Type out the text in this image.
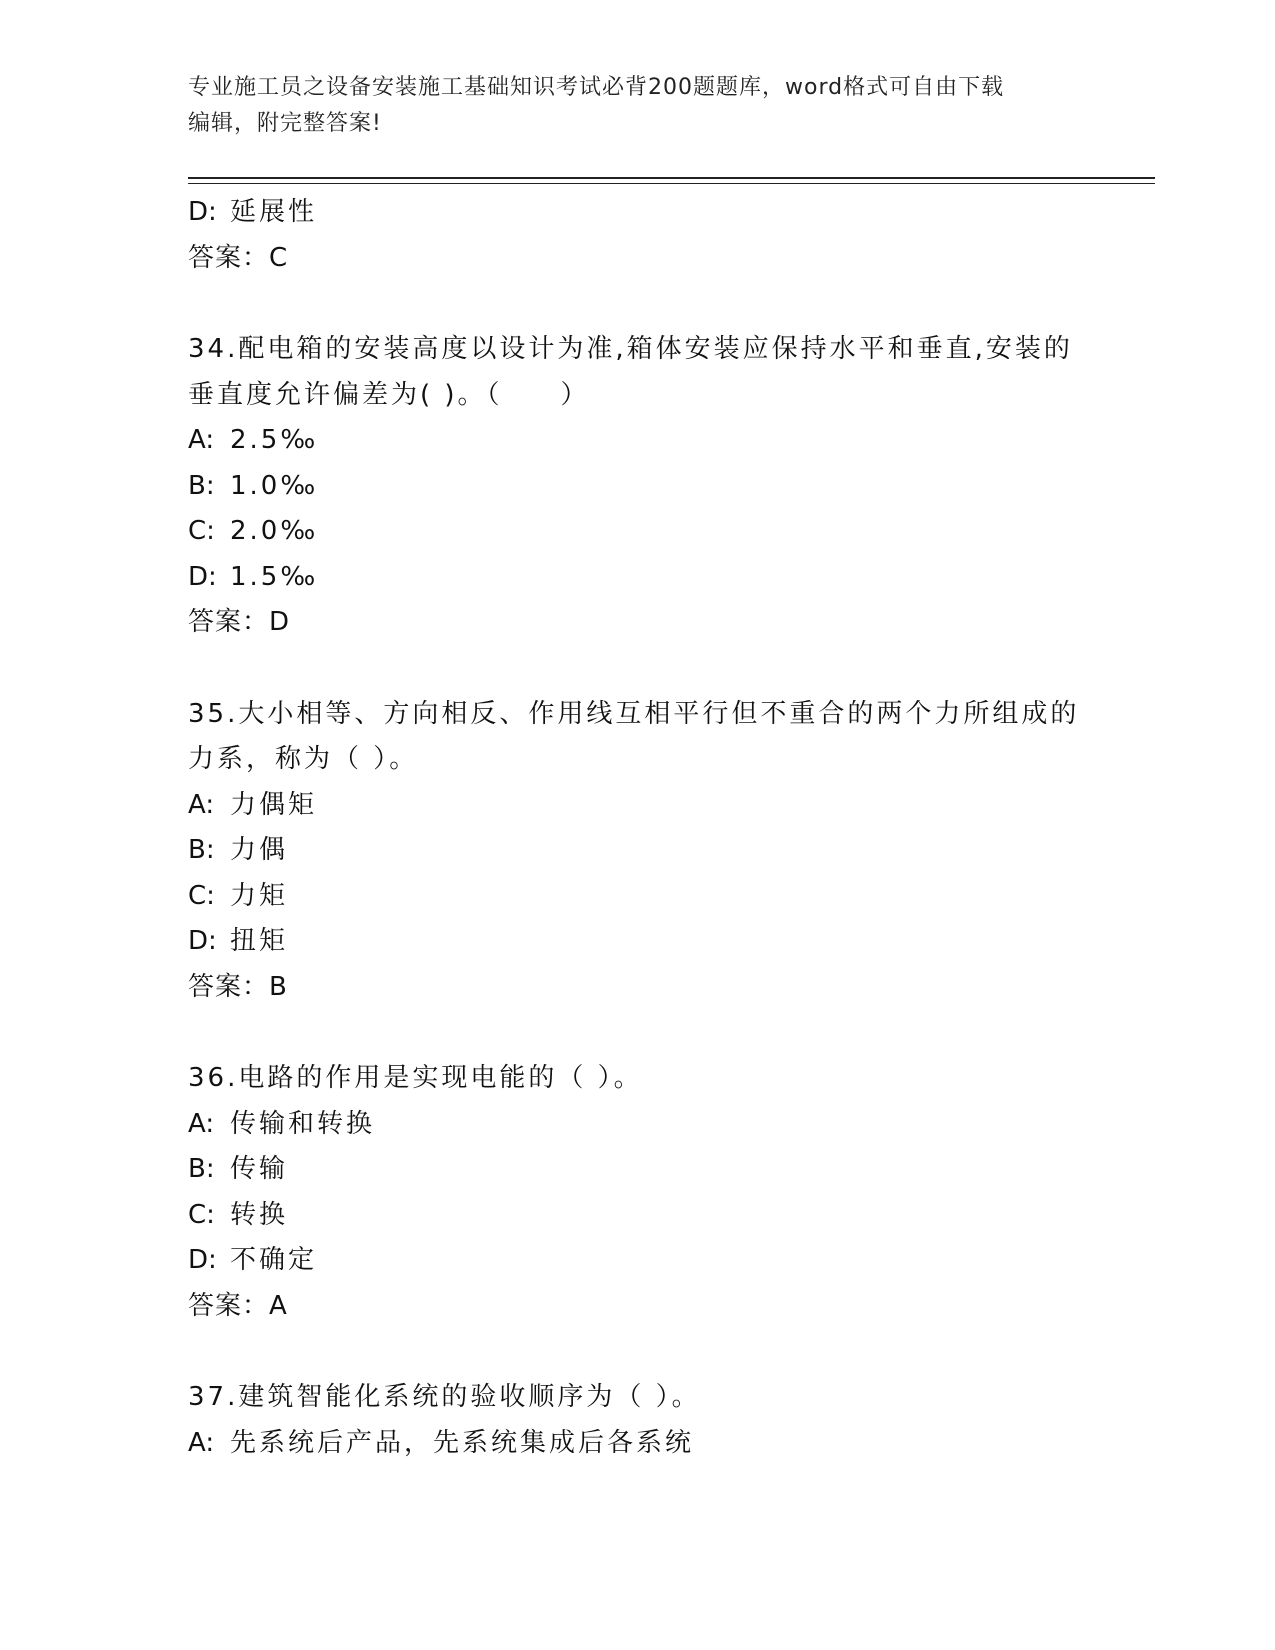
专业施工员之设备安装施工基础知识考试必背200题题库，word格式可自由下载
编辑，附完整答案!
D: 延展性
答案：C
34.配电箱的安装高度以设计为准,箱体安装应保持水平和垂直,安装的
垂直度允许偏差为( )。（　　）
A: 2.5‰
B: 1.0‰
C: 2.0‰
D: 1.5‰
答案：D
35.大小相等、方向相反、作用线互相平行但不重合的两个力所组成的
力系，称为（ ）。
A: 力偶矩
B: 力偶
C: 力矩
D: 扭矩
答案：B
36.电路的作用是实现电能的（ ）。
A: 传输和转换
B: 传输
C: 转换
D: 不确定
答案：A
37.建筑智能化系统的验收顺序为（ ）。
A: 先系统后产品，先系统集成后各系统
